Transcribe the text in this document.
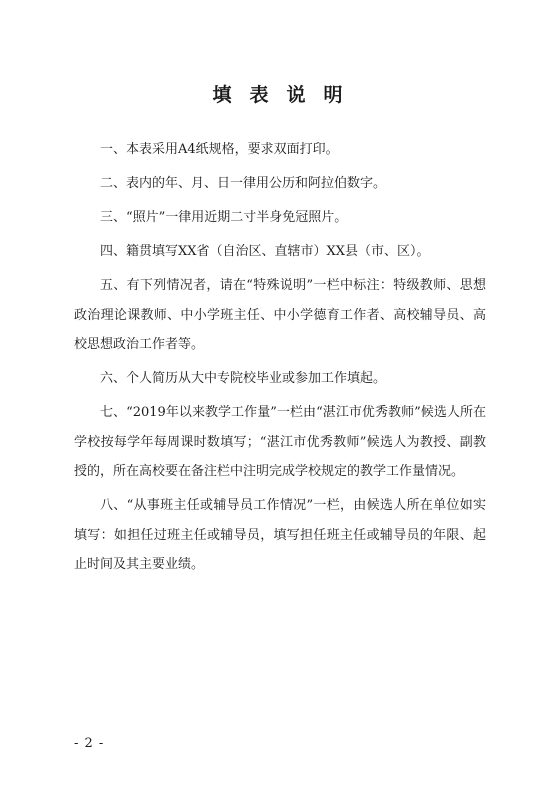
填表说明

一、本表采用A4纸规格，要求双面打印。

二、表内的年、月、日一律用公历和阿拉伯数字。

三、“照片”一律用近期二寸半身免冠照片。

四、籍贯填写XX省（自治区、直辖市）XX县（市、区）。

五、有下列情况者，请在“特殊说明”一栏中标注：特级教师、思想政治理论课教师、中小学班主任、中小学德育工作者、高校辅导员、高校思想政治工作者等。

六、个人简历从大中专院校毕业或参加工作填起。

七、“2019年以来教学工作量”一栏由“湛江市优秀教师”候选人所在学校按每学年每周课时数填写；“湛江市优秀教师”候选人为教授、副教授的，所在高校要在备注栏中注明完成学校规定的教学工作量情况。

八、“从事班主任或辅导员工作情况”一栏，由候选人所在单位如实填写：如担任过班主任或辅导员，填写担任班主任或辅导员的年限、起止时间及其主要业绩。

- 2 -
